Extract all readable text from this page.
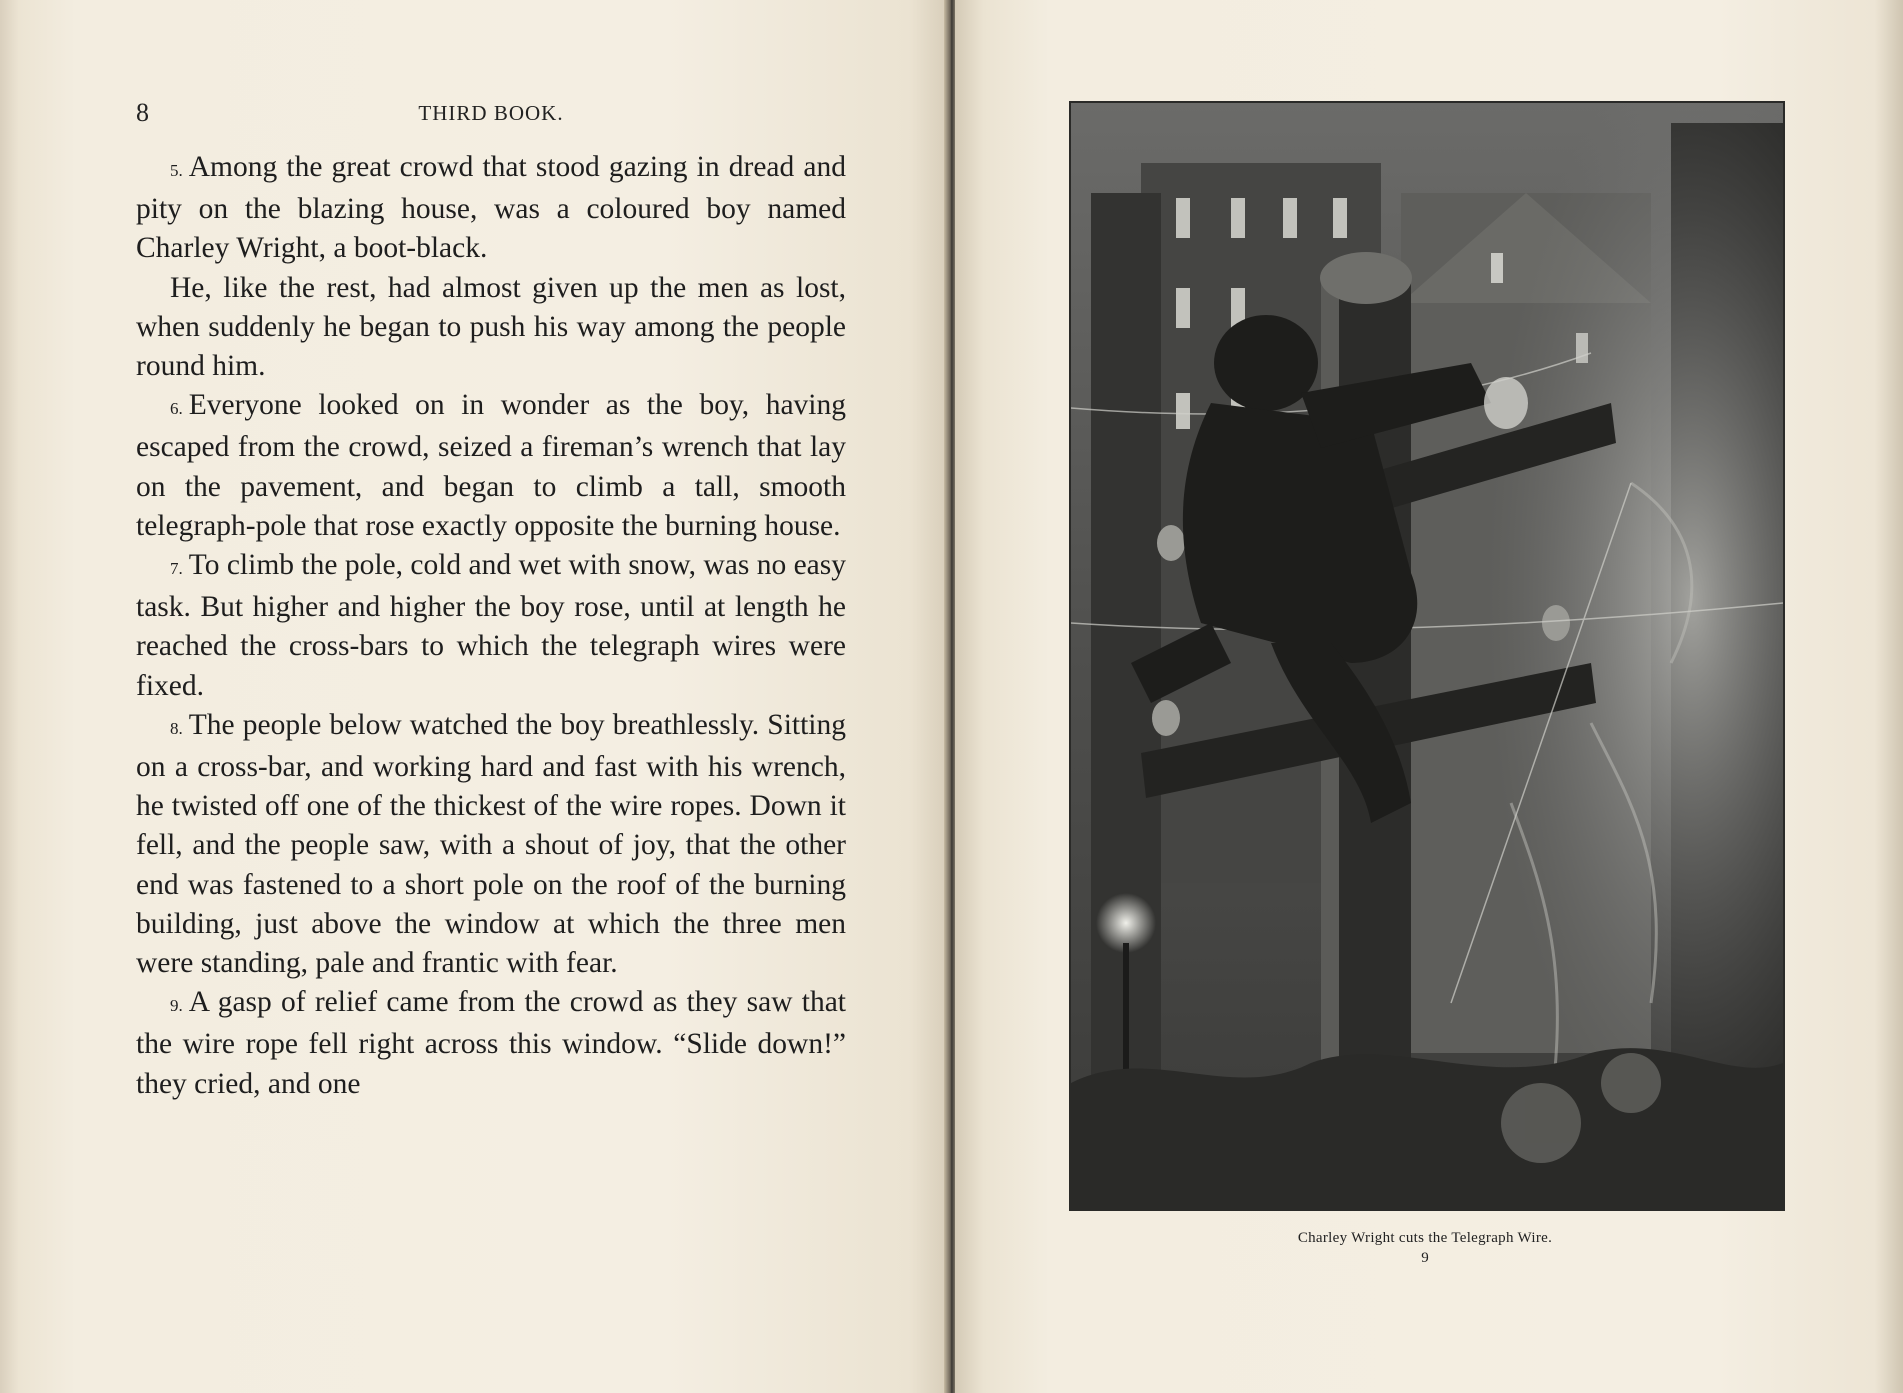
8	THIRD BOOK.

5. Among the great crowd that stood gazing in dread and pity on the blazing house, was a coloured boy named Charley Wright, a boot-black.

He, like the rest, had almost given up the men as lost, when suddenly he began to push his way among the people round him.

6. Everyone looked on in wonder as the boy, having escaped from the crowd, seized a fireman’s wrench that lay on the pavement, and began to climb a tall, smooth telegraph-pole that rose exactly opposite the burning house.

7. To climb the pole, cold and wet with snow, was no easy task. But higher and higher the boy rose, until at length he reached the cross-bars to which the telegraph wires were fixed.

8. The people below watched the boy breathlessly. Sitting on a cross-bar, and working hard and fast with his wrench, he twisted off one of the thickest of the wire ropes. Down it fell, and the people saw, with a shout of joy, that the other end was fastened to a short pole on the roof of the burning building, just above the window at which the three men were standing, pale and frantic with fear.

9. A gasp of relief came from the crowd as they saw that the wire rope fell right across this window. “Slide down!” they cried, and one

Charley Wright cuts the Telegraph Wire.
9
